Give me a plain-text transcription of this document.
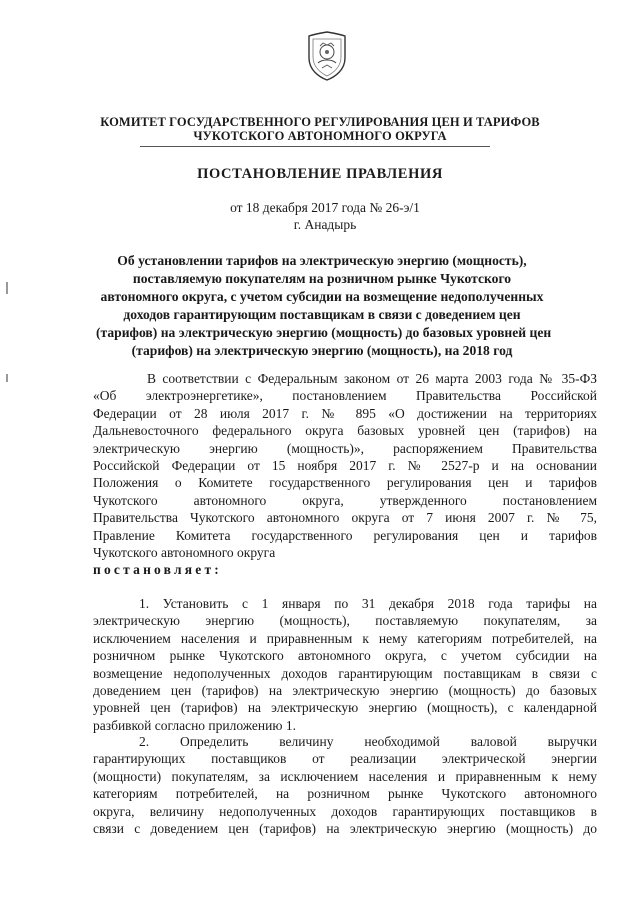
КОМИТЕТ ГОСУДАРСТВЕННОГО РЕГУЛИРОВАНИЯ ЦЕН И ТАРИФОВ
ЧУКОТСКОГО АВТОНОМНОГО ОКРУГА
ПОСТАНОВЛЕНИЕ ПРАВЛЕНИЯ
от 18 декабря 2017 года № 26-э/1
г. Анадырь
Об установлении тарифов на электрическую энергию (мощность),
поставляемую покупателям на розничном рынке Чукотского
автономного округа, с учетом субсидии на возмещение недополученных
доходов гарантирующим поставщикам в связи с доведением цен
(тарифов) на электрическую энергию (мощность) до базовых уровней цен
(тарифов) на электрическую энергию (мощность), на 2018 год
В соответствии с Федеральным законом от 26 марта 2003 года № 35-ФЗ
«Об электроэнергетике», постановлением Правительства Российской
Федерации от 28 июля 2017 г. № 895 «О достижении на территориях
Дальневосточного федерального округа базовых уровней цен (тарифов) на
электрическую энергию (мощность)», распоряжением Правительства
Российской Федерации от 15 ноября 2017 г. № 2527-р и на основании
Положения о Комитете государственного регулирования цен и тарифов
Чукотского автономного округа, утвержденного постановлением
Правительства Чукотского автономного округа от 7 июня 2007 г. № 75,
Правление Комитета государственного регулирования цен и тарифов
Чукотского автономного округа
постановляет:
1. Установить с 1 января по 31 декабря 2018 года тарифы на
электрическую энергию (мощность), поставляемую покупателям, за
исключением населения и приравненным к нему категориям потребителей, на
розничном рынке Чукотского автономного округа, с учетом субсидии на
возмещение недополученных доходов гарантирующим поставщикам в связи с
доведением цен (тарифов) на электрическую энергию (мощность) до базовых
уровней цен (тарифов) на электрическую энергию (мощность), с календарной
разбивкой согласно приложению 1.
2. Определить величину необходимой валовой выручки
гарантирующих поставщиков от реализации электрической энергии
(мощности) покупателям, за исключением населения и приравненным к нему
категориям потребителей, на розничном рынке Чукотского автономного
округа, величину недополученных доходов гарантирующих поставщиков в
связи с доведением цен (тарифов) на электрическую энергию (мощность) до
